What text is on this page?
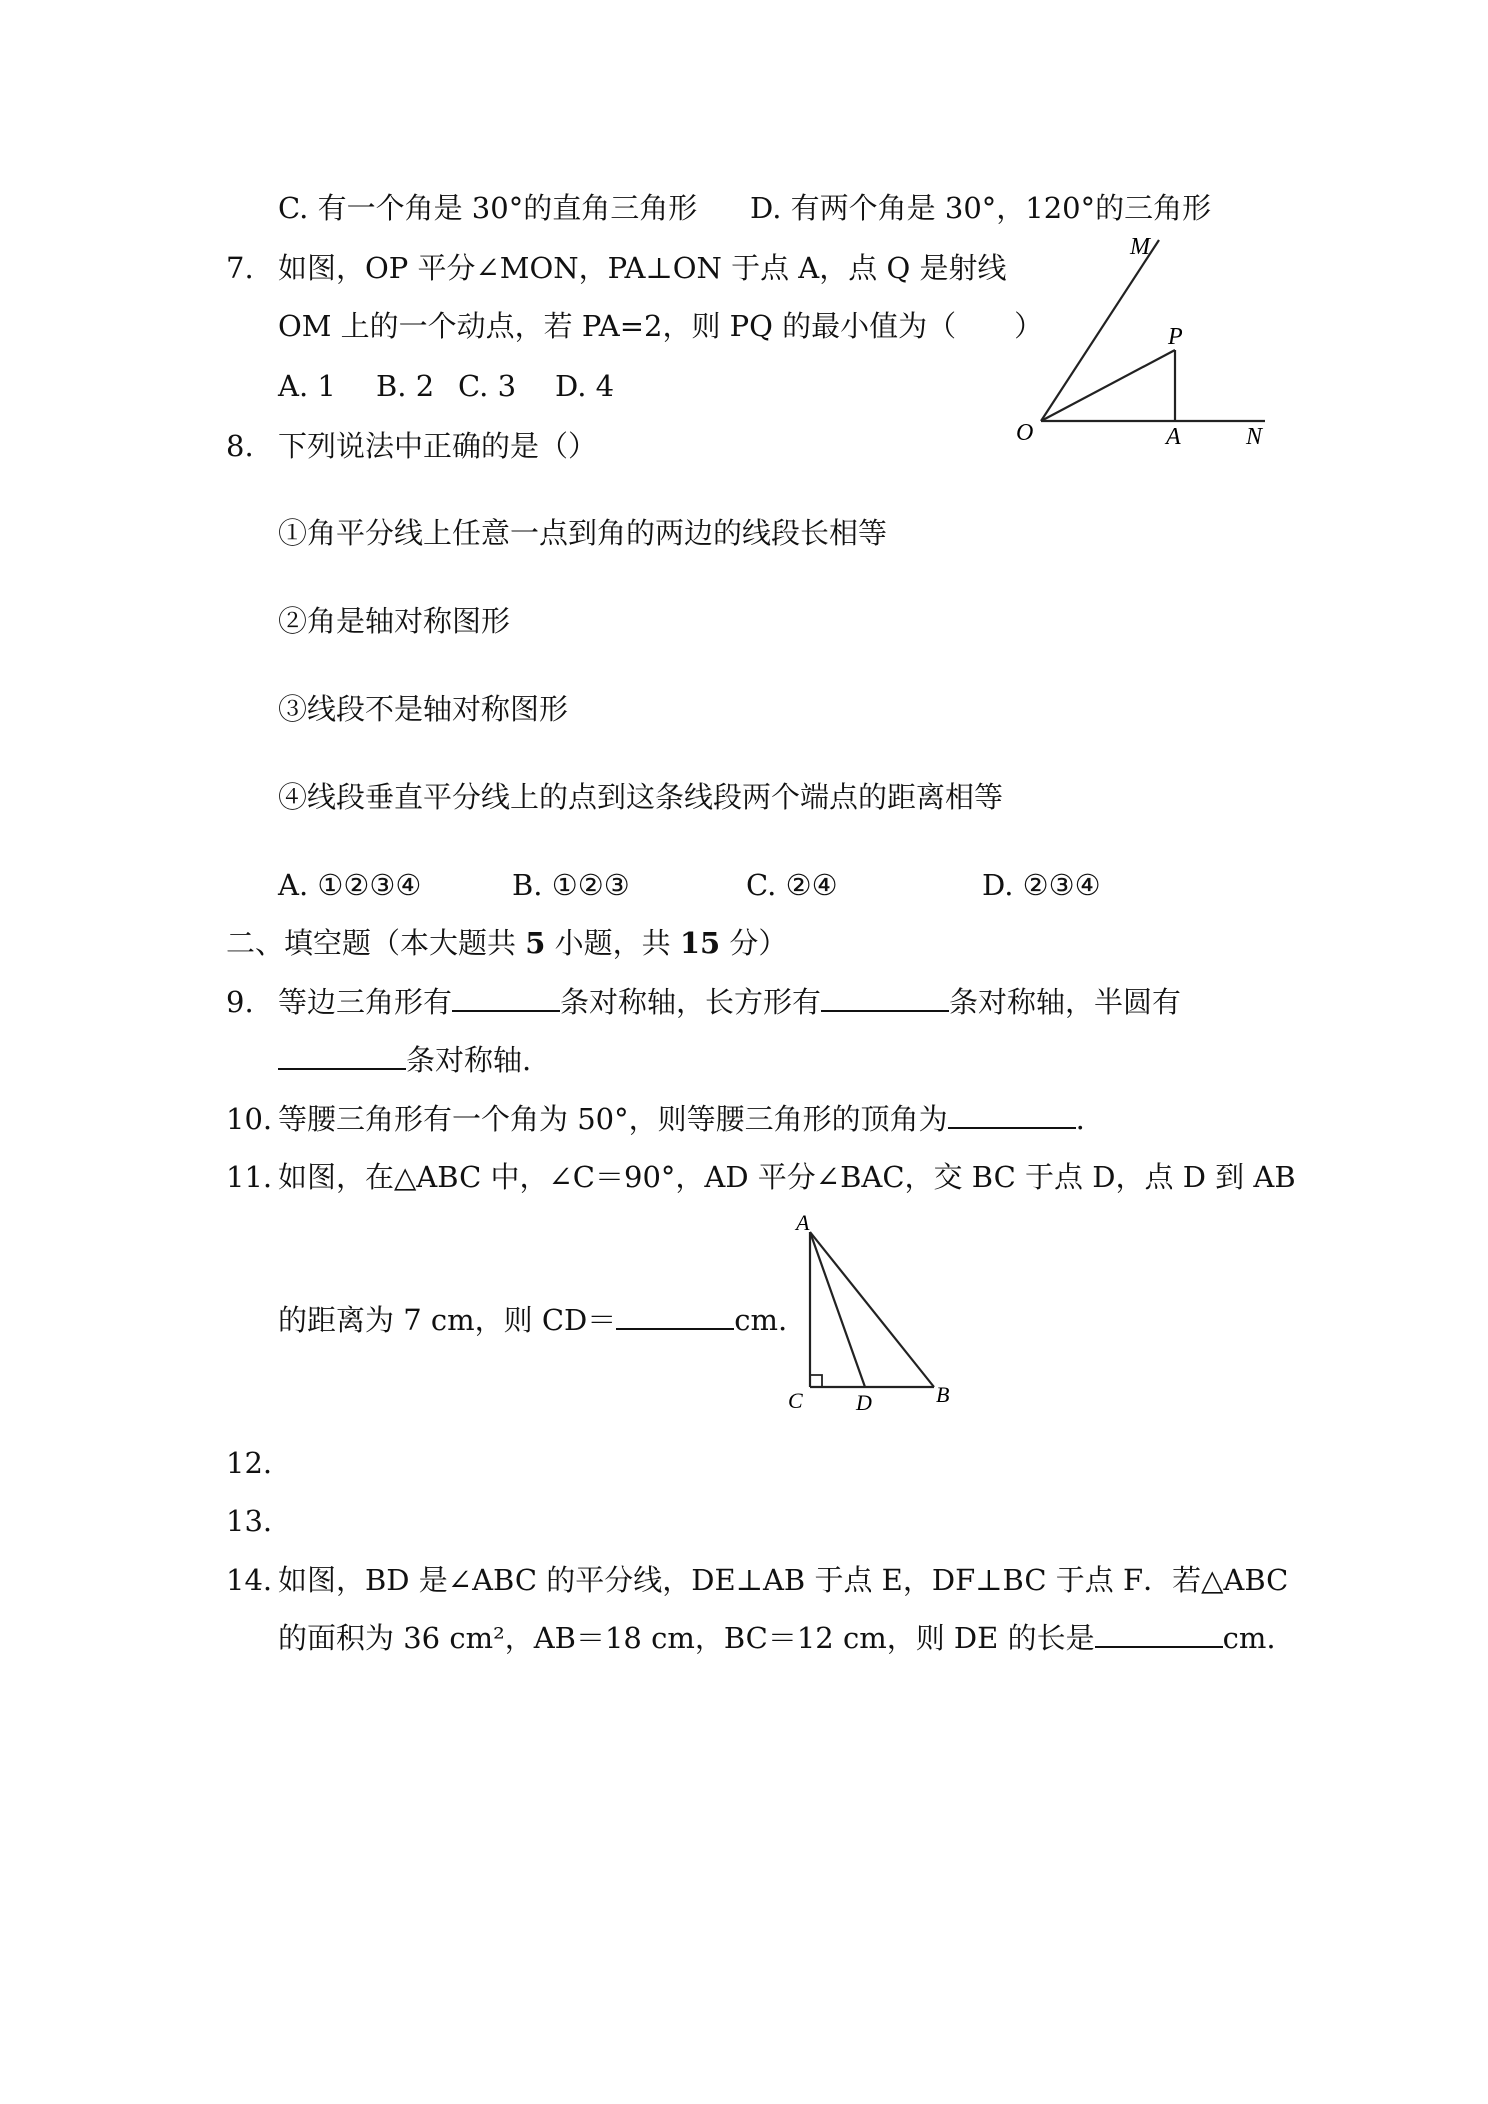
C. 有一个角是 30°的直角三角形 D. 有两个角是 30°，120°的三角形
7. 如图，OP 平分∠MON，PA⊥ON 于点 A，点 Q 是射线
OM 上的一个动点，若 PA=2，则 PQ 的最小值为（　　）
A. 1 B. 2 C. 3 D. 4
M
P
O	A	N
8. 下列说法中正确的是（）
①角平分线上任意一点到角的两边的线段长相等
②角是轴对称图形
③线段不是轴对称图形
④线段垂直平分线上的点到这条线段两个端点的距离相等
A. ①②③④	B. ①②③	C. ②④	D. ②③④
二、填空题（本大题共 5 小题，共 15 分）
9. 等边三角形有	条对称轴，长方形有	条对称轴，半圆有
条对称轴.
10. 等腰三角形有一个角为 50°，则等腰三角形的顶角为	.
11. 如图，在△ABC 中，∠C＝90°，AD 平分∠BAC，交 BC 于点 D，点 D 到 AB
的距离为 7 cm，则 CD＝	cm.
A
C D	B
12.
13.
14. 如图，BD 是∠ABC 的平分线，DE⊥AB 于点 E，DF⊥BC 于点 F．若△ABC
的面积为 36 cm²，AB＝18 cm，BC＝12 cm，则 DE 的长是	cm.
